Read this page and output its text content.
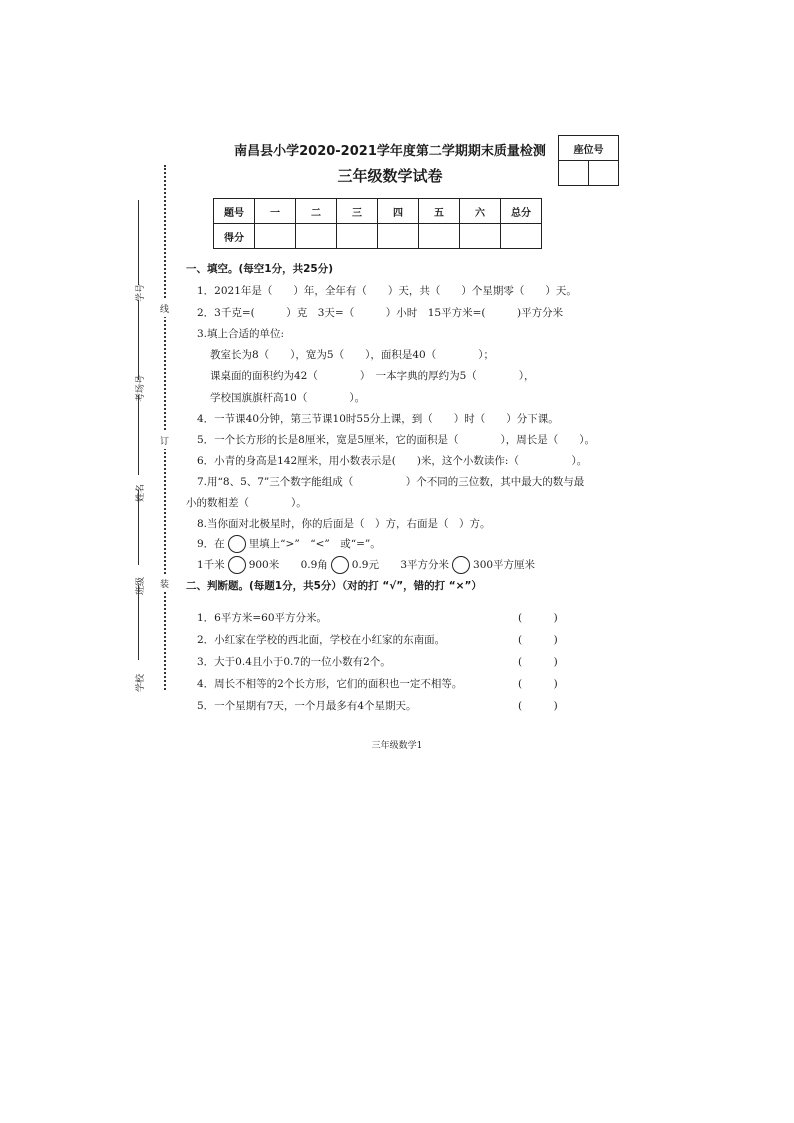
南昌县小学2020-2021学年度第二学期期末质量检测
三年级数学试卷
座位号

题号	一	二	三	四	五	六	总分
得分							
线
订
装
学号
考场号
姓名
班级
学校
一、填空。(每空1分，共25分)
1．2021年是（　　）年，全年有（　　）天，共（　　）个星期零（　　）天。
2．3千克=(　　　）克　3天=（　　　）小时　15平方米=(　　　)平方分米
3.填上合适的单位:
教室长为8（　　），宽为5（　　），面积是40（　　　　）；
课桌面的面积约为42（　　　　）　一本字典的厚约为5（　　　　），
学校国旗旗杆高10（　　　　）。
4．一节课40分钟，第三节课10时55分上课，到（　　）时（　　）分下课。
5．一个长方形的长是8厘米，宽是5厘米，它的面积是（　　　　），周长是（　　）。
6．小青的身高是142厘米，用小数表示是(　　)米，这个小数读作:（　　　　　）。
7.用“8、5、7”三个数字能组成（　　　　　）个不同的三位数，其中最大的数与最
小的数相差（　　　　）。
8.当你面对北极星时，你的后面是（　）方，右面是（　）方。
9．在 里填上“>”　“<”　或“=”。
1千米 900米 0.9角 0.9元 3平方分米 300平方厘米
二、判断题。(每题1分，共5分）（对的打 “√”，错的打 “×”）
1．6平方米=60平方分米。	(　　　)
2．小红家在学校的西北面，学校在小红家的东南面。	(　　　)
3．大于0.4且小于0.7的一位小数有2个。	(　　　)
4．周长不相等的2个长方形，它们的面积也一定不相等。	(　　　)
5．一个星期有7天，一个月最多有4个星期天。	(　　　)
三年级数学1
